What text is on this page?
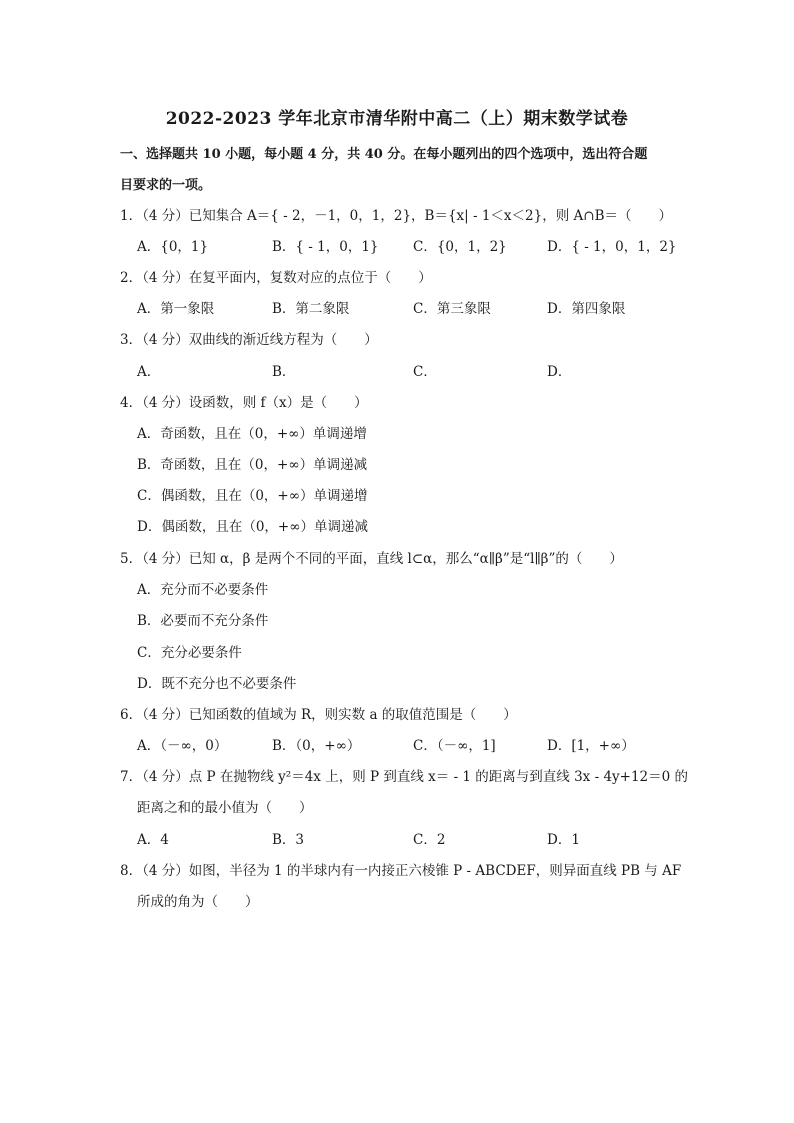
2022-2023 学年北京市清华附中高二（上）期末数学试卷
一、选择题共 10 小题，每小题 4 分，共 40 分。在每小题列出的四个选项中，选出符合题
目要求的一项。
1．（4 分）已知集合 A＝{ - 2，－1，0，1，2}，B＝{x| - 1＜x＜2}，则 A∩B＝（　　）
A．{0，1}	B．{ - 1，0，1}	C．{0，1，2}	D．{ - 1，0，1，2}
2．（4 分）在复平面内，复数对应的点位于（　　）
A．第一象限	B．第二象限	C．第三象限	D．第四象限
3．（4 分）双曲线的渐近线方程为（　　）
A．	B．	C．	D．
4．（4 分）设函数，则 f（x）是（　　）
A．奇函数，且在（0，+∞）单调递增
B．奇函数，且在（0，+∞）单调递减
C．偶函数，且在（0，+∞）单调递增
D．偶函数，且在（0，+∞）单调递减
5．（4 分）已知 α，β 是两个不同的平面，直线 l⊂α，那么“α∥β”是“l∥β”的（　　）
A．充分而不必要条件
B．必要而不充分条件
C．充分必要条件
D．既不充分也不必要条件
6．（4 分）已知函数的值域为 R，则实数 a 的取值范围是（　　）
A．（－∞，0）	B．（0，+∞）	C．（－∞，1]	D．[1，+∞）
7．（4 分）点 P 在抛物线 y²＝4x 上，则 P 到直线 x＝ - 1 的距离与到直线 3x - 4y+12＝0 的
距离之和的最小值为（　　）
A．4	B．3	C．2	D．1
8．（4 分）如图，半径为 1 的半球内有一内接正六棱锥 P - ABCDEF，则异面直线 PB 与 AF
所成的角为（　　）
